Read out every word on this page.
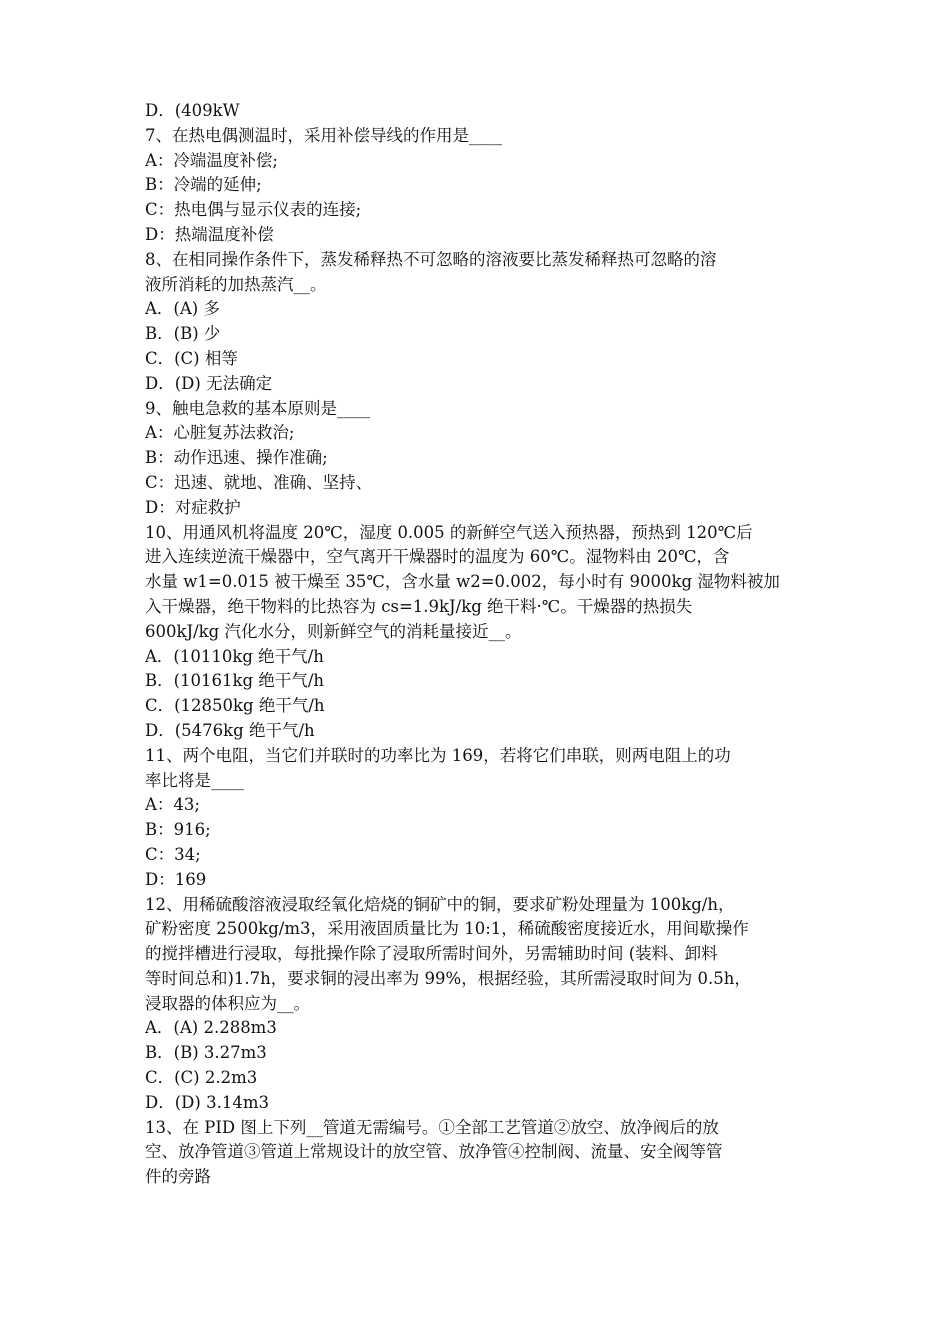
D．(409kW
7、在热电偶测温时，采用补偿导线的作用是____
A：冷端温度补偿;
B：冷端的延伸;
C：热电偶与显示仪表的连接;
D：热端温度补偿
8、在相同操作条件下，蒸发稀释热不可忽略的溶液要比蒸发稀释热可忽略的溶
液所消耗的加热蒸汽__。
A．(A) 多
B．(B) 少
C．(C) 相等
D．(D) 无法确定
9、触电急救的基本原则是____
A：心脏复苏法救治;
B：动作迅速、操作准确;
C：迅速、就地、准确、坚持、
D：对症救护
10、用通风机将温度 20℃，湿度 0.005 的新鲜空气送入预热器，预热到 120℃后
进入连续逆流干燥器中，空气离开干燥器时的温度为 60℃。湿物料由 20℃，含
水量 w1=0.015 被干燥至 35℃，含水量 w2=0.002，每小时有 9000kg 湿物料被加
入干燥器，绝干物料的比热容为 cs=1.9kJ/kg 绝干料·℃。干燥器的热损失
600kJ/kg 汽化水分，则新鲜空气的消耗量接近__。
A．(10110kg 绝干气/h
B．(10161kg 绝干气/h
C．(12850kg 绝干气/h
D．(5476kg 绝干气/h
11、两个电阻，当它们并联时的功率比为 169，若将它们串联，则两电阻上的功
率比将是____
A：43;
B：916;
C：34;
D：169
12、用稀硫酸溶液浸取经氧化焙烧的铜矿中的铜，要求矿粉处理量为 100kg/h，
矿粉密度 2500kg/m3，采用液固质量比为 10:1，稀硫酸密度接近水，用间歇操作
的搅拌槽进行浸取，每批操作除了浸取所需时间外，另需辅助时间 (装料、卸料
等时间总和)1.7h，要求铜的浸出率为 99%，根据经验，其所需浸取时间为 0.5h，
浸取器的体积应为__。
A．(A) 2.288m3
B．(B) 3.27m3
C．(C) 2.2m3
D．(D) 3.14m3
13、在 PID 图上下列__管道无需编号。①全部工艺管道②放空、放净阀后的放
空、放净管道③管道上常规设计的放空管、放净管④控制阀、流量、安全阀等管
件的旁路
